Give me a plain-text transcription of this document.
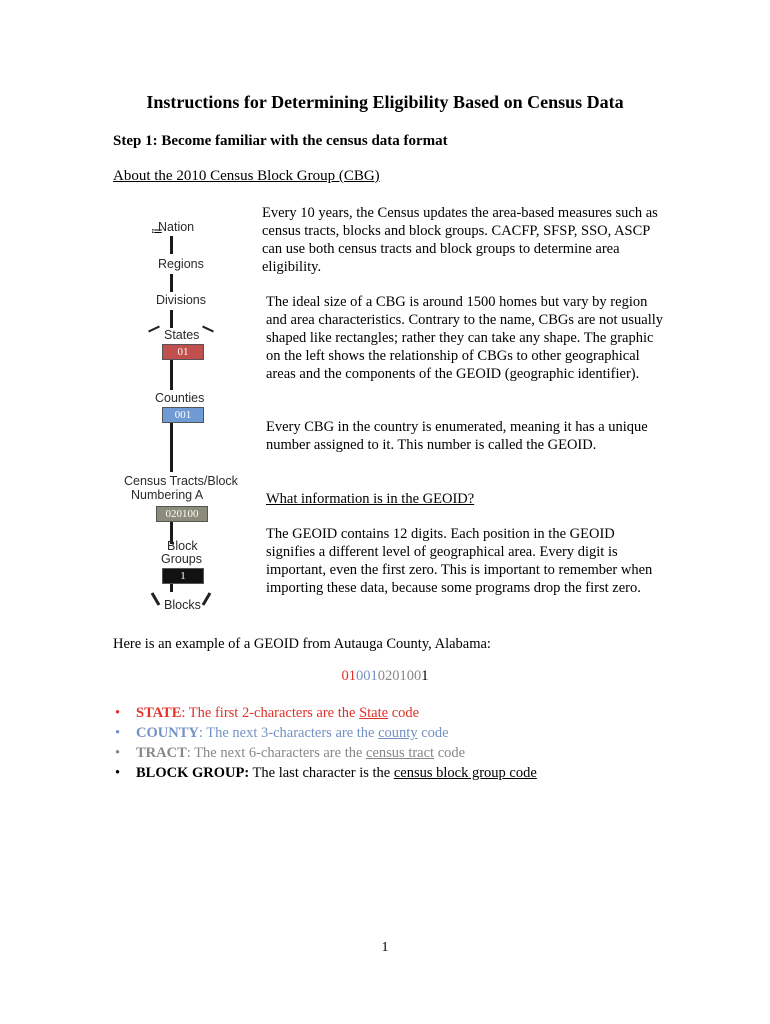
Instructions for Determining Eligibility Based on Census Data
Step 1: Become familiar with the census data format
About the 2010 Census Block Group (CBG)
≔
Nation
Regions
Divisions
States
01
Counties
001
Census Tracts/Block
Numbering A
020100
Block
Groups
1
Blocks
Every 10 years, the Census updates the area-based measures such as census tracts, blocks and block groups. CACFP, SFSP, SSO, ASCP can use both census tracts and block groups to determine area eligibility.
The ideal size of a CBG is around 1500 homes but vary by region and area characteristics. Contrary to the name, CBGs are not usually shaped like rectangles; rather they can take any shape. The graphic on the left shows the relationship of CBGs to other geographical areas and the components of the GEOID (geographic identifier).
Every CBG in the country is enumerated, meaning it has a unique number assigned to it. This number is called the GEOID.
What information is in the GEOID?
The GEOID contains 12 digits. Each position in the GEOID signifies a different level of geographical area. Every digit is important, even the first zero. This is important to remember when importing these data, because some programs drop the first zero.
Here is an example of a GEOID from Autauga County, Alabama:
010010201001
• STATE: The first 2-characters are the State code
• COUNTY: The next 3-characters are the county code
• TRACT: The next 6-characters are the census tract code
• BLOCK GROUP: The last character is the census block group code
1
